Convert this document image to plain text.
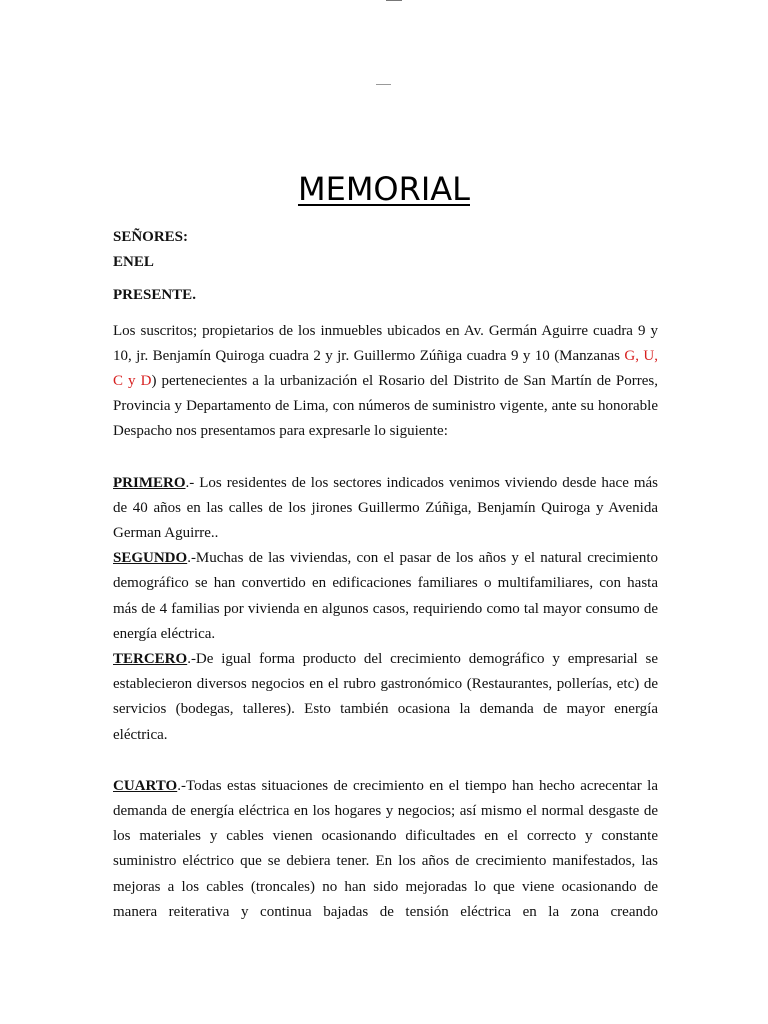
MEMORIAL

SEÑORES:

ENEL

PRESENTE.

Los suscritos; propietarios de los inmuebles ubicados en Av. Germán Aguirre cuadra 9 y 10, jr. Benjamín Quiroga cuadra 2 y jr. Guillermo Zúñiga cuadra 9 y 10 (Manzanas G, U, C y D) pertenecientes a la urbanización el Rosario del Distrito de San Martín de Porres, Provincia y Departamento de Lima, con números de suministro vigente, ante su honorable Despacho nos presentamos para expresarle lo siguiente:

PRIMERO.- Los residentes de los sectores indicados venimos viviendo desde hace más de 40 años en las calles de los jirones Guillermo Zúñiga, Benjamín Quiroga y Avenida German Aguirre..

SEGUNDO.-Muchas de las viviendas, con el pasar de los años y el natural crecimiento demográfico se han convertido en edificaciones familiares o multifamiliares, con hasta más de 4 familias por vivienda en algunos casos, requiriendo como tal mayor consumo de energía eléctrica.

TERCERO.-De igual forma producto del crecimiento demográfico y empresarial se establecieron diversos negocios en el rubro gastronómico (Restaurantes, pollerías, etc) de servicios (bodegas, talleres). Esto también ocasiona la demanda de mayor energía eléctrica.

CUARTO.-Todas estas situaciones de crecimiento en el tiempo han hecho acrecentar la demanda de energía eléctrica en los hogares y negocios; así mismo el normal desgaste de los materiales y cables vienen ocasionando dificultades en el correcto y constante suministro eléctrico que se debiera tener. En los años de crecimiento manifestados, las mejoras a los cables (troncales) no han sido mejoradas lo que viene ocasionando de manera reiterativa y continua bajadas de tensión eléctrica en la zona creando
